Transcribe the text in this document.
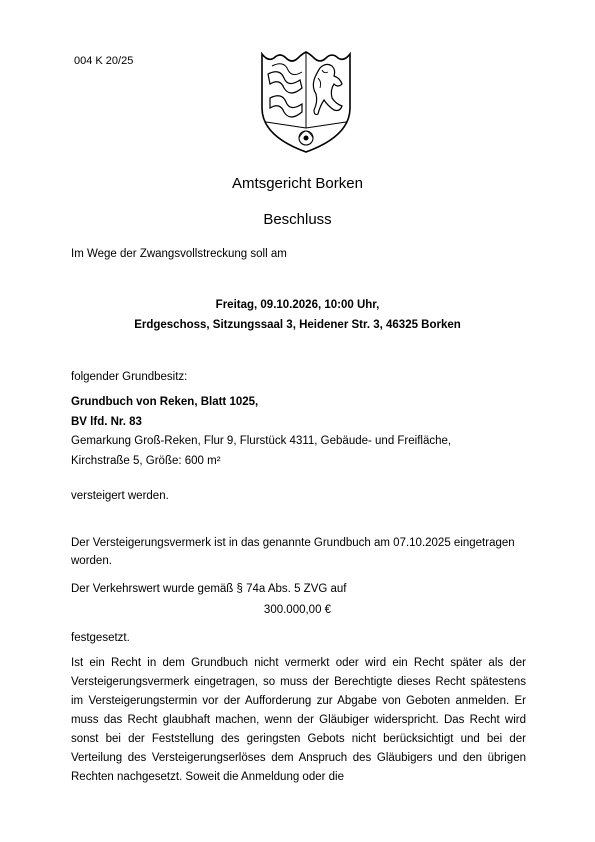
004 K 20/25
Amtsgericht Borken
Beschluss
Im Wege der Zwangsvollstreckung soll am
Freitag, 09.10.2026, 10:00 Uhr,
Erdgeschoss, Sitzungssaal 3, Heidener Str. 3, 46325 Borken
folgender Grundbesitz:
Grundbuch von Reken, Blatt 1025,
BV lfd. Nr. 83
Gemarkung Groß-Reken, Flur 9, Flurstück 4311, Gebäude- und Freifläche,
Kirchstraße 5, Größe: 600 m²
versteigert werden.
Der Versteigerungsvermerk ist in das genannte Grundbuch am 07.10.2025 eingetragen worden.
Der Verkehrswert wurde gemäß § 74a Abs. 5 ZVG auf
300.000,00 €
festgesetzt.
Ist ein Recht in dem Grundbuch nicht vermerkt oder wird ein Recht später als der Versteigerungsvermerk eingetragen, so muss der Berechtigte dieses Recht spätestens im Versteigerungstermin vor der Aufforderung zur Abgabe von Geboten anmelden. Er muss das Recht glaubhaft machen, wenn der Gläubiger widerspricht. Das Recht wird sonst bei der Feststellung des geringsten Gebots nicht berücksichtigt und bei der Verteilung des Versteigerungserlöses dem Anspruch des Gläubigers und den übrigen Rechten nachgesetzt. Soweit die Anmeldung oder die
